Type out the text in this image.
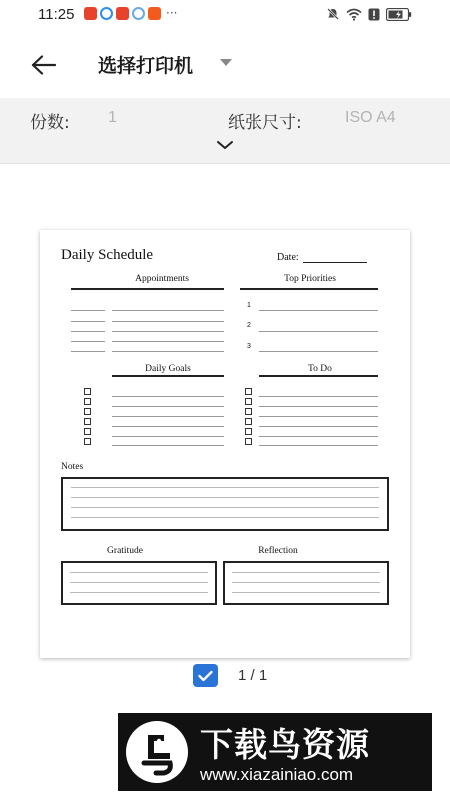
11:25	···
选择打印机
份数: 1	纸张尺寸:	ISO A4
Daily Schedule	Date:
Appointments	Top Priorities
1
2
3
Daily Goals	To Do
Notes
Gratitude	Reflection
1 / 1
下载鸟资源
www.xiazainiao.com
